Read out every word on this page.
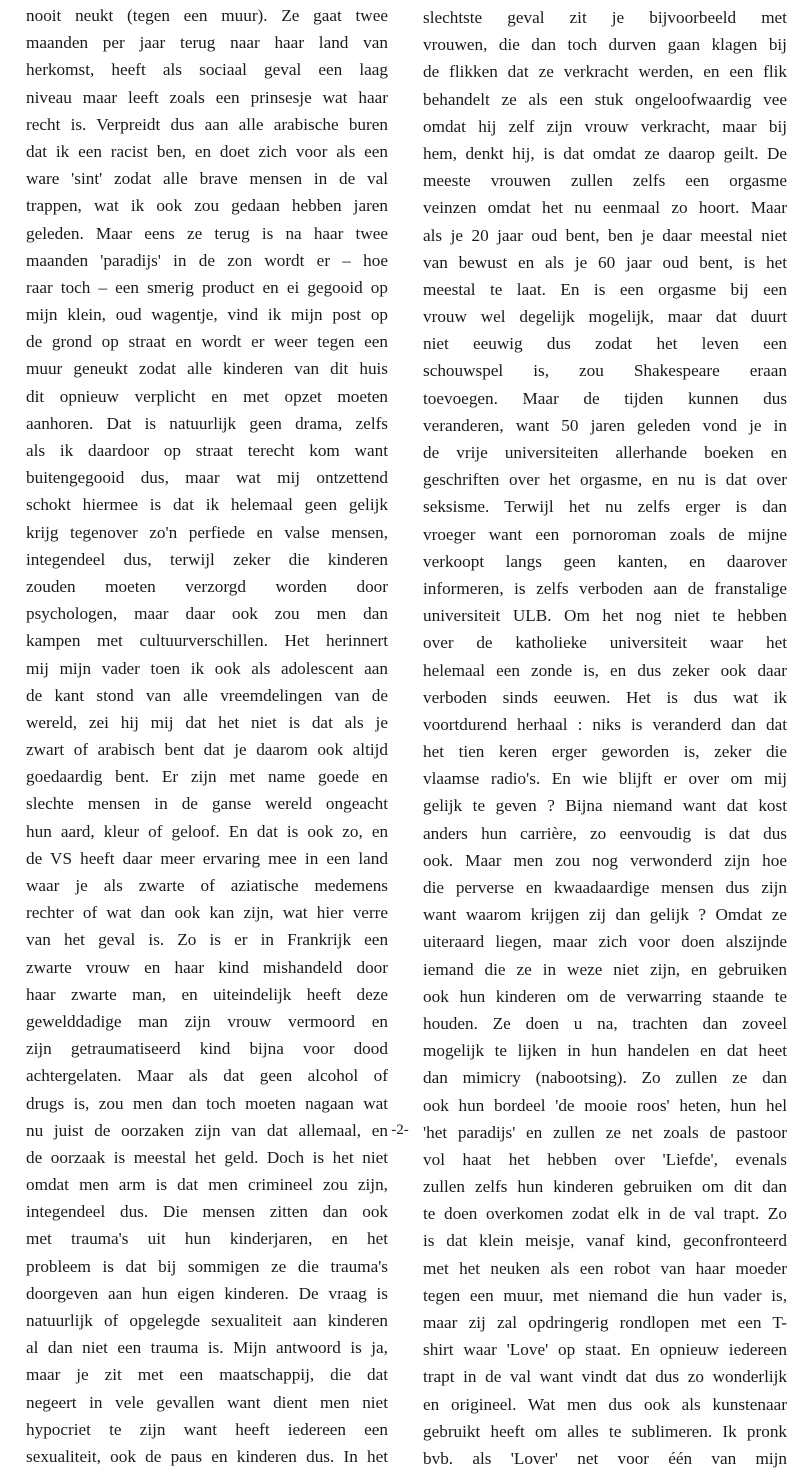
nooit neukt (tegen een muur). Ze gaat twee
maanden per jaar terug naar haar land van
herkomst, heeft als sociaal geval een laag
niveau maar leeft zoals een prinsesje wat haar
recht is. Verpreidt dus aan alle arabische buren
dat ik een racist ben, en doet zich voor als een
ware 'sint' zodat alle brave mensen in de val
trappen, wat ik ook zou gedaan hebben jaren
geleden. Maar eens ze terug is na haar twee
maanden 'paradijs' in de zon wordt er – hoe
raar toch – een smerig product en ei gegooid op
mijn klein, oud wagentje, vind ik mijn post op
de grond op straat en wordt er weer tegen een
muur geneukt zodat alle kinderen van dit huis
dit opnieuw verplicht en met opzet moeten
aanhoren. Dat is natuurlijk geen drama, zelfs
als ik daardoor op straat terecht kom want
buitengegooid dus, maar wat mij ontzettend
schokt hiermee is dat ik helemaal geen gelijk
krijg tegenover zo'n perfiede en valse mensen,
integendeel dus, terwijl zeker die kinderen
zouden moeten verzorgd worden door
psychologen, maar daar ook zou men dan
kampen met cultuurverschillen. Het herinnert
mij mijn vader toen ik ook als adolescent aan
de kant stond van alle vreemdelingen van de
wereld, zei hij mij dat het niet is dat als je
zwart of arabisch bent dat je daarom ook altijd
goedaardig bent. Er zijn met name goede en
slechte mensen in de ganse wereld ongeacht
hun aard, kleur of geloof. En dat is ook zo, en
de VS heeft daar meer ervaring mee in een land
waar je als zwarte of aziatische medemens
rechter of wat dan ook kan zijn, wat hier verre
van het geval is. Zo is er in Frankrijk een
zwarte vrouw en haar kind mishandeld door
haar zwarte man, en uiteindelijk heeft deze
gewelddadige man zijn vrouw vermoord en
zijn getraumatiseerd kind bijna voor dood
achtergelaten. Maar als dat geen alcohol of
drugs is, zou men dan toch moeten nagaan wat
nu juist de oorzaken zijn van dat allemaal, en
de oorzaak is meestal het geld. Doch is het niet
omdat men arm is dat men crimineel zou zijn,
integendeel dus. Die mensen zitten dan ook
met trauma's uit hun kinderjaren, en het
probleem is dat bij sommigen ze die trauma's
doorgeven aan hun eigen kinderen. De vraag is
natuurlijk of opgelegde sexualiteit aan kinderen
al dan niet een trauma is. Mijn antwoord is ja,
maar je zit met een maatschappij, die dat
negeert in vele gevallen want dient men niet
hypocriet te zijn want heeft iedereen een
sexualiteit, ook de paus en kinderen dus. In het
slechtste geval zit je bijvoorbeeld met
vrouwen, die dan toch durven gaan klagen bij
de flikken dat ze verkracht werden, en een flik
behandelt ze als een stuk ongeloofwaardig vee
omdat hij zelf zijn vrouw verkracht, maar bij
hem, denkt hij, is dat omdat ze daarop geilt. De
meeste vrouwen zullen zelfs een orgasme
veinzen omdat het nu eenmaal zo hoort. Maar
als je 20 jaar oud bent, ben je daar meestal niet
van bewust en als je 60 jaar oud bent, is het
meestal te laat. En is een orgasme bij een
vrouw wel degelijk mogelijk, maar dat duurt
niet eeuwig dus zodat het leven een
schouwspel is, zou Shakespeare eraan
toevoegen. Maar de tijden kunnen dus
veranderen, want 50 jaren geleden vond je in
de vrije universiteiten allerhande boeken en
geschriften over het orgasme, en nu is dat over
seksisme. Terwijl het nu zelfs erger is dan
vroeger want een pornoroman zoals de mijne
verkoopt langs geen kanten, en daarover
informeren, is zelfs verboden aan de franstalige
universiteit ULB. Om het nog niet te hebben
over de katholieke universiteit waar het
helemaal een zonde is, en dus zeker ook daar
verboden sinds eeuwen. Het is dus wat ik
voortdurend herhaal : niks is veranderd dan dat
het tien keren erger geworden is, zeker die
vlaamse radio's. En wie blijft er over om mij
gelijk te geven ? Bijna niemand want dat kost
anders hun carrière, zo eenvoudig is dat dus
ook. Maar men zou nog verwonderd zijn hoe
die perverse en kwaadaardige mensen dus zijn
want waarom krijgen zij dan gelijk ? Omdat ze
uiteraard liegen, maar zich voor doen alszijnde
iemand die ze in weze niet zijn, en gebruiken
ook hun kinderen om de verwarring staande te
houden. Ze doen u na, trachten dan zoveel
mogelijk te lijken in hun handelen en dat heet
dan mimicry (nabootsing). Zo zullen ze dan
ook hun bordeel 'de mooie roos' heten, hun hel
'het paradijs' en zullen ze net zoals de pastoor
vol haat het hebben over 'Liefde', evenals
zullen zelfs hun kinderen gebruiken om dit dan
te doen overkomen zodat elk in de val trapt. Zo
is dat klein meisje, vanaf kind, geconfronteerd
met het neuken als een robot van haar moeder
tegen een muur, met niemand die hun vader is,
maar zij zal opdringerig rondlopen met een T-
shirt waar 'Love' op staat. En opnieuw iedereen
trapt in de val want vindt dat dus zo wonderlijk
en origineel. Wat men dus ook als kunstenaar
gebruikt heeft om alles te sublimeren. Ik pronk
bvb. als 'Lover' net voor één van mijn
-2-
